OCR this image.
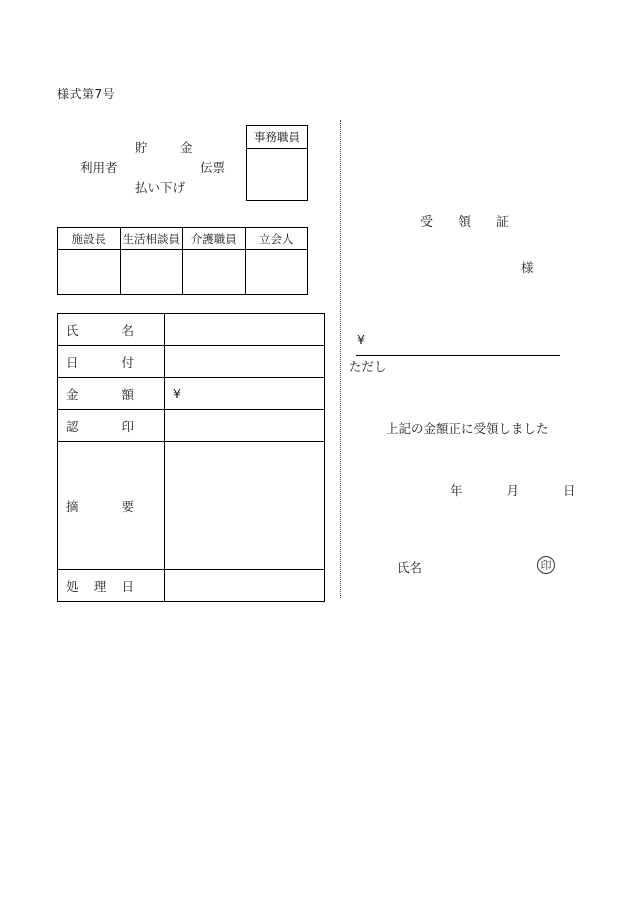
様式第7号
貯　金
利用者	伝票
払い下げ
事務職員
施設長	生活相談員	介護職員	立会人

氏　　名	
日　　付	
金　　額	¥
認　　印	
摘　　要	
処　理　日	
受　領　証
様
¥
ただし
上記の金額正に受領しました
年	月	日
氏名	印
